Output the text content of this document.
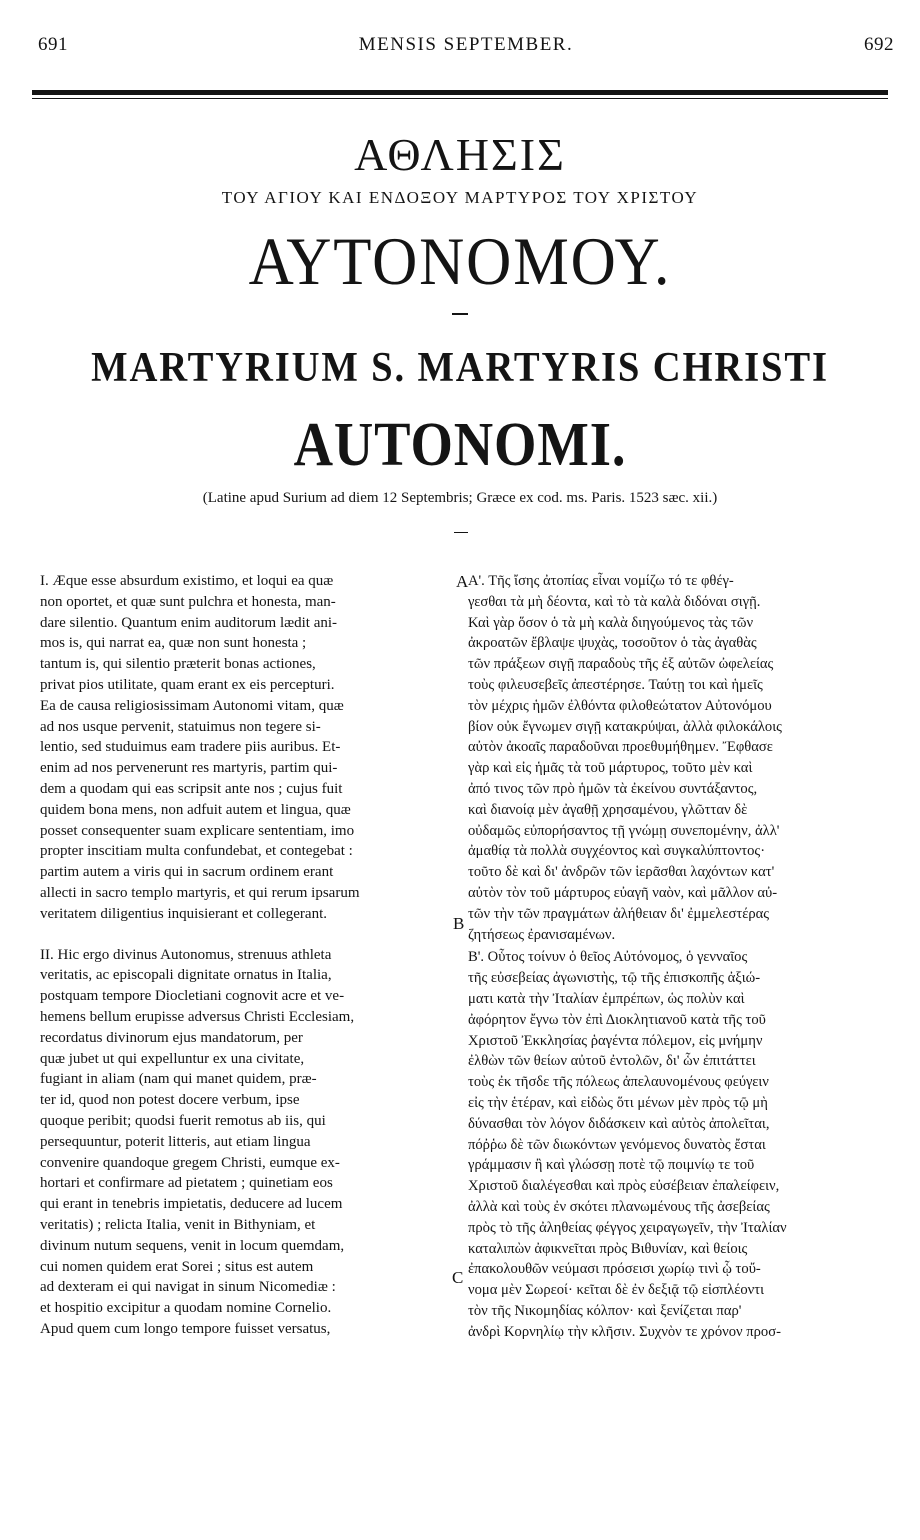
691	MENSIS SEPTEMBER.	692
ΑΘΛΗΣΙΣ
ΤΟΥ ΑΓΙΟΥ ΚΑΙ ΕΝΔΟΞΟΥ ΜΑΡΤΥΡΟΣ ΤΟΥ ΧΡΙΣΤΟΥ
ΑΥΤΟΝΟΜΟΥ.
MARTYRIUM S. MARTYRIS CHRISTI
AUTONOMI.
(Latine apud Surium ad diem 12 Septembris; Græce ex cod. ms. Paris. 1523 sæc. xii.)
A
B
C
I. Æque esse absurdum existimo, et loqui ea quæ
non oportet, et quæ sunt pulchra et honesta, man-
dare silentio. Quantum enim auditorum lædit ani-
mos is, qui narrat ea, quæ non sunt honesta ;
tantum is, qui silentio præterit bonas actiones,
privat pios utilitate, quam erant ex eis percepturi.
Ea de causa religiosissimam Autonomi vitam, quæ
ad nos usque pervenit, statuimus non tegere si-
lentio, sed studuimus eam tradere piis auribus. Et-
enim ad nos pervenerunt res martyris, partim qui-
dem a quodam qui eas scripsit ante nos ; cujus fuit
quidem bona mens, non adfuit autem et lingua, quæ
posset consequenter suam explicare sententiam, imo
propter inscitiam multa confundebat, et contegebat :
partim autem a viris qui in sacrum ordinem erant
allecti in sacro templo martyris, et qui rerum ipsarum
veritatem diligentius inquisierant et collegerant.
II. Hic ergo divinus Autonomus, strenuus athleta
veritatis, ac episcopali dignitate ornatus in Italia,
postquam tempore Diocletiani cognovit acre et ve-
hemens bellum erupisse adversus Christi Ecclesiam,
recordatus divinorum ejus mandatorum, per
quæ jubet ut qui expelluntur ex una civitate,
fugiant in aliam (nam qui manet quidem, præ-
ter id, quod non potest docere verbum, ipse
quoque peribit; quodsi fuerit remotus ab iis, qui
persequuntur, poterit litteris, aut etiam lingua
convenire quandoque gregem Christi, eumque ex-
hortari et confirmare ad pietatem ; quinetiam eos
qui erant in tenebris impietatis, deducere ad lucem
veritatis) ; relicta Italia, venit in Bithyniam, et
divinum nutum sequens, venit in locum quemdam,
cui nomen quidem erat Sorei ; situs est autem
ad dexteram ei qui navigat in sinum Nicomediæ :
et hospitio excipitur a quodam nomine Cornelio.
Apud quem cum longo tempore fuisset versatus,
Α'. Τῆς ἴσης ἀτοπίας εἶναι νομίζω τό τε φθέγ-
γεσθαι τὰ μὴ δέοντα, καὶ τὸ τὰ καλὰ διδόναι σιγῇ.
Καὶ γὰρ ὅσον ὁ τὰ μὴ καλὰ διηγούμενος τὰς τῶν
ἀκροατῶν ἔβλαψε ψυχὰς, τοσοῦτον ὁ τὰς ἀγαθὰς
τῶν πράξεων σιγῇ παραδοὺς τῆς ἐξ αὐτῶν ὠφελείας
τοὺς φιλευσεβεῖς ἀπεστέρησε. Ταύτῃ τοι καὶ ἡμεῖς
τὸν μέχρις ἡμῶν ἐλθόντα φιλοθεώτατον Αὐτονόμου
βίον οὐκ ἔγνωμεν σιγῇ κατακρύψαι, ἀλλὰ φιλοκάλοις
αὐτὸν ἀκοαῖς παραδοῦναι προεθυμήθημεν. Ἔφθασε
γὰρ καὶ εἰς ἡμᾶς τὰ τοῦ μάρτυρος, τοῦτο μὲν καὶ
ἀπό τινος τῶν πρὸ ἡμῶν τὰ ἐκείνου συντάξαντος,
καὶ διανοίᾳ μὲν ἀγαθῇ χρησαμένου, γλῶτταν δὲ
οὐδαμῶς εὐπορήσαντος τῇ γνώμῃ συνεπομένην, ἀλλ'
ἀμαθίᾳ τὰ πολλὰ συγχέοντος καὶ συγκαλύπτοντος·
τοῦτο δὲ καὶ δι' ἀνδρῶν τῶν ἱερᾶσθαι λαχόντων κατ'
αὐτὸν τὸν τοῦ μάρτυρος εὐαγῆ ναὸν, καὶ μᾶλλον αὐ-
τῶν τὴν τῶν πραγμάτων ἀλήθειαν δι' ἐμμελεστέρας
ζητήσεως ἐρανισαμένων.
Β'. Οὗτος τοίνυν ὁ θεῖος Αὐτόνομος, ὁ γενναῖος
τῆς εὐσεβείας ἀγωνιστὴς, τῷ τῆς ἐπισκοπῆς ἀξιώ-
ματι κατὰ τὴν Ἰταλίαν ἐμπρέπων, ὡς πολὺν καὶ
ἀφόρητον ἔγνω τὸν ἐπὶ Διοκλητιανοῦ κατὰ τῆς τοῦ
Χριστοῦ Ἐκκλησίας ῥαγέντα πόλεμον, εἰς μνήμην
ἐλθὼν τῶν θείων αὐτοῦ ἐντολῶν, δι' ὧν ἐπιτάττει
τοὺς ἐκ τῆσδε τῆς πόλεως ἀπελαυνομένους φεύγειν
εἰς τὴν ἑτέραν, καὶ εἰδὼς ὅτι μένων μὲν πρὸς τῷ μὴ
δύνασθαι τὸν λόγον διδάσκειν καὶ αὐτὸς ἀπολεῖται,
πόῤῥω δὲ τῶν διωκόντων γενόμενος δυνατὸς ἔσται
γράμμασιν ἢ καὶ γλώσσῃ ποτὲ τῷ ποιμνίῳ τε τοῦ
Χριστοῦ διαλέγεσθαι καὶ πρὸς εὐσέβειαν ἐπαλείφειν,
ἀλλὰ καὶ τοὺς ἐν σκότει πλανωμένους τῆς ἀσεβείας
πρὸς τὸ τῆς ἀληθείας φέγγος χειραγωγεῖν, τὴν Ἰταλίαν
καταλιπὼν ἀφικνεῖται πρὸς Βιθυνίαν, καὶ θείοις
ἐπακολουθῶν νεύμασι πρόσεισι χωρίῳ τινὶ ᾧ τοὔ-
νομα μὲν Σωρεοί· κεῖται δὲ ἐν δεξιᾷ τῷ εἰσπλέοντι
τὸν τῆς Νικομηδίας κόλπον· καὶ ξενίζεται παρ'
ἀνδρὶ Κορνηλίῳ τὴν κλῆσιν. Συχνὸν τε χρόνον προσ-
